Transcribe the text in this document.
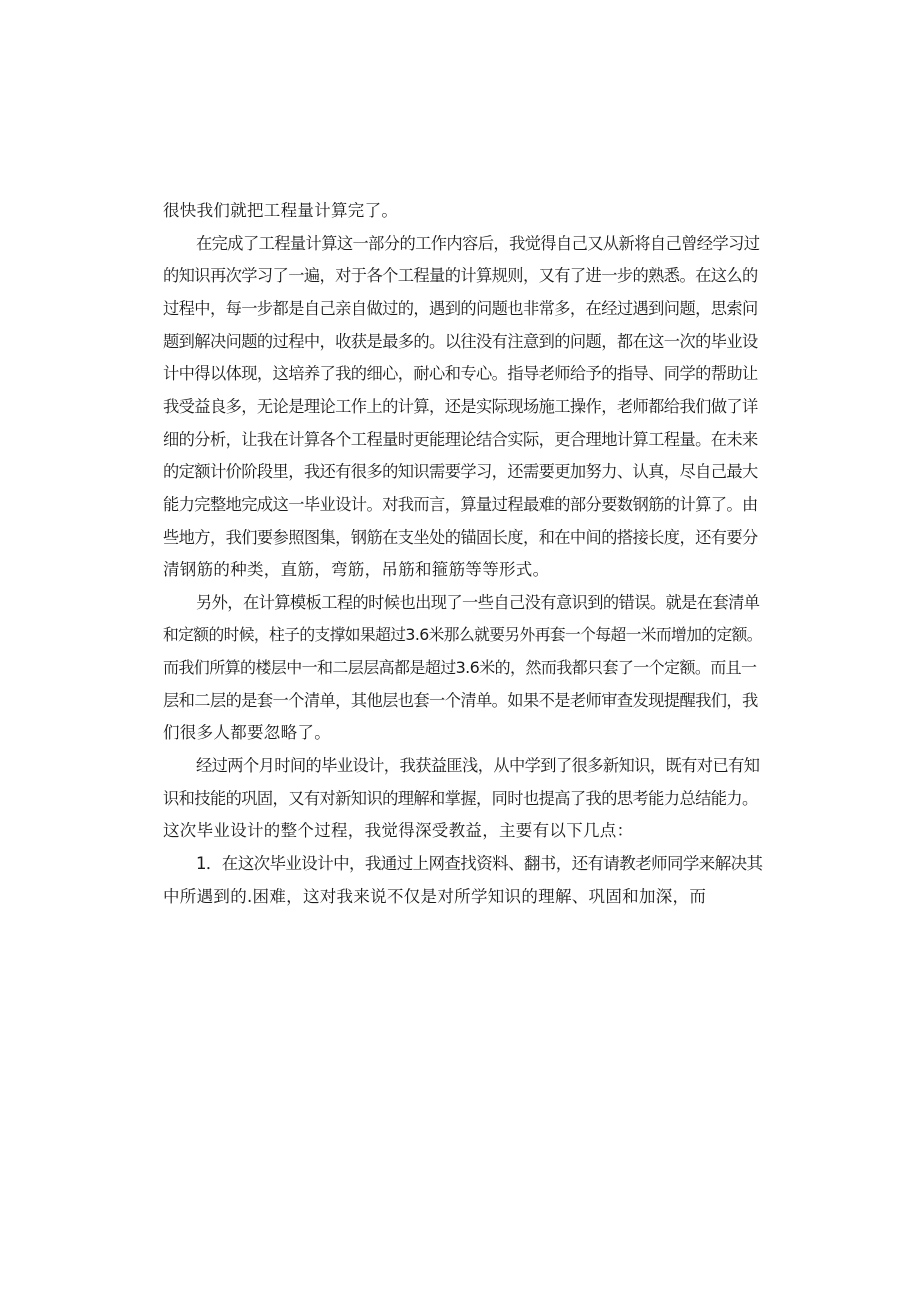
很快我们就把工程量计算完了。
在完成了工程量计算这一部分的工作内容后，我觉得自己又从新将自己曾经学习过
的知识再次学习了一遍，对于各个工程量的计算规则，又有了进一步的熟悉。在这么的
过程中，每一步都是自己亲自做过的，遇到的问题也非常多，在经过遇到问题，思索问
题到解决问题的过程中，收获是最多的。以往没有注意到的问题，都在这一次的毕业设
计中得以体现，这培养了我的细心，耐心和专心。指导老师给予的指导、同学的帮助让
我受益良多，无论是理论工作上的计算，还是实际现场施工操作，老师都给我们做了详
细的分析，让我在计算各个工程量时更能理论结合实际，更合理地计算工程量。在未来
的定额计价阶段里，我还有很多的知识需要学习，还需要更加努力、认真，尽自己最大
能力完整地完成这一毕业设计。对我而言，算量过程最难的部分要数钢筋的计算了。由
些地方，我们要参照图集，钢筋在支坐处的锚固长度，和在中间的搭接长度，还有要分
清钢筋的种类，直筋，弯筋，吊筋和箍筋等等形式。
另外，在计算模板工程的时候也出现了一些自己没有意识到的错误。就是在套清单
和定额的时候，柱子的支撑如果超过3.6米那么就要另外再套一个每超一米而增加的定额。
而我们所算的楼层中一和二层层高都是超过3.6米的，然而我都只套了一个定额。而且一
层和二层的是套一个清单，其他层也套一个清单。如果不是老师审查发现提醒我们，我
们很多人都要忽略了。
经过两个月时间的毕业设计，我获益匪浅，从中学到了很多新知识，既有对已有知
识和技能的巩固，又有对新知识的理解和掌握，同时也提高了我的思考能力总结能力。
这次毕业设计的整个过程，我觉得深受教益，主要有以下几点：
1．在这次毕业设计中，我通过上网查找资料、翻书，还有请教老师同学来解决其
中所遇到的.困难，这对我来说不仅是对所学知识的理解、巩固和加深，而
